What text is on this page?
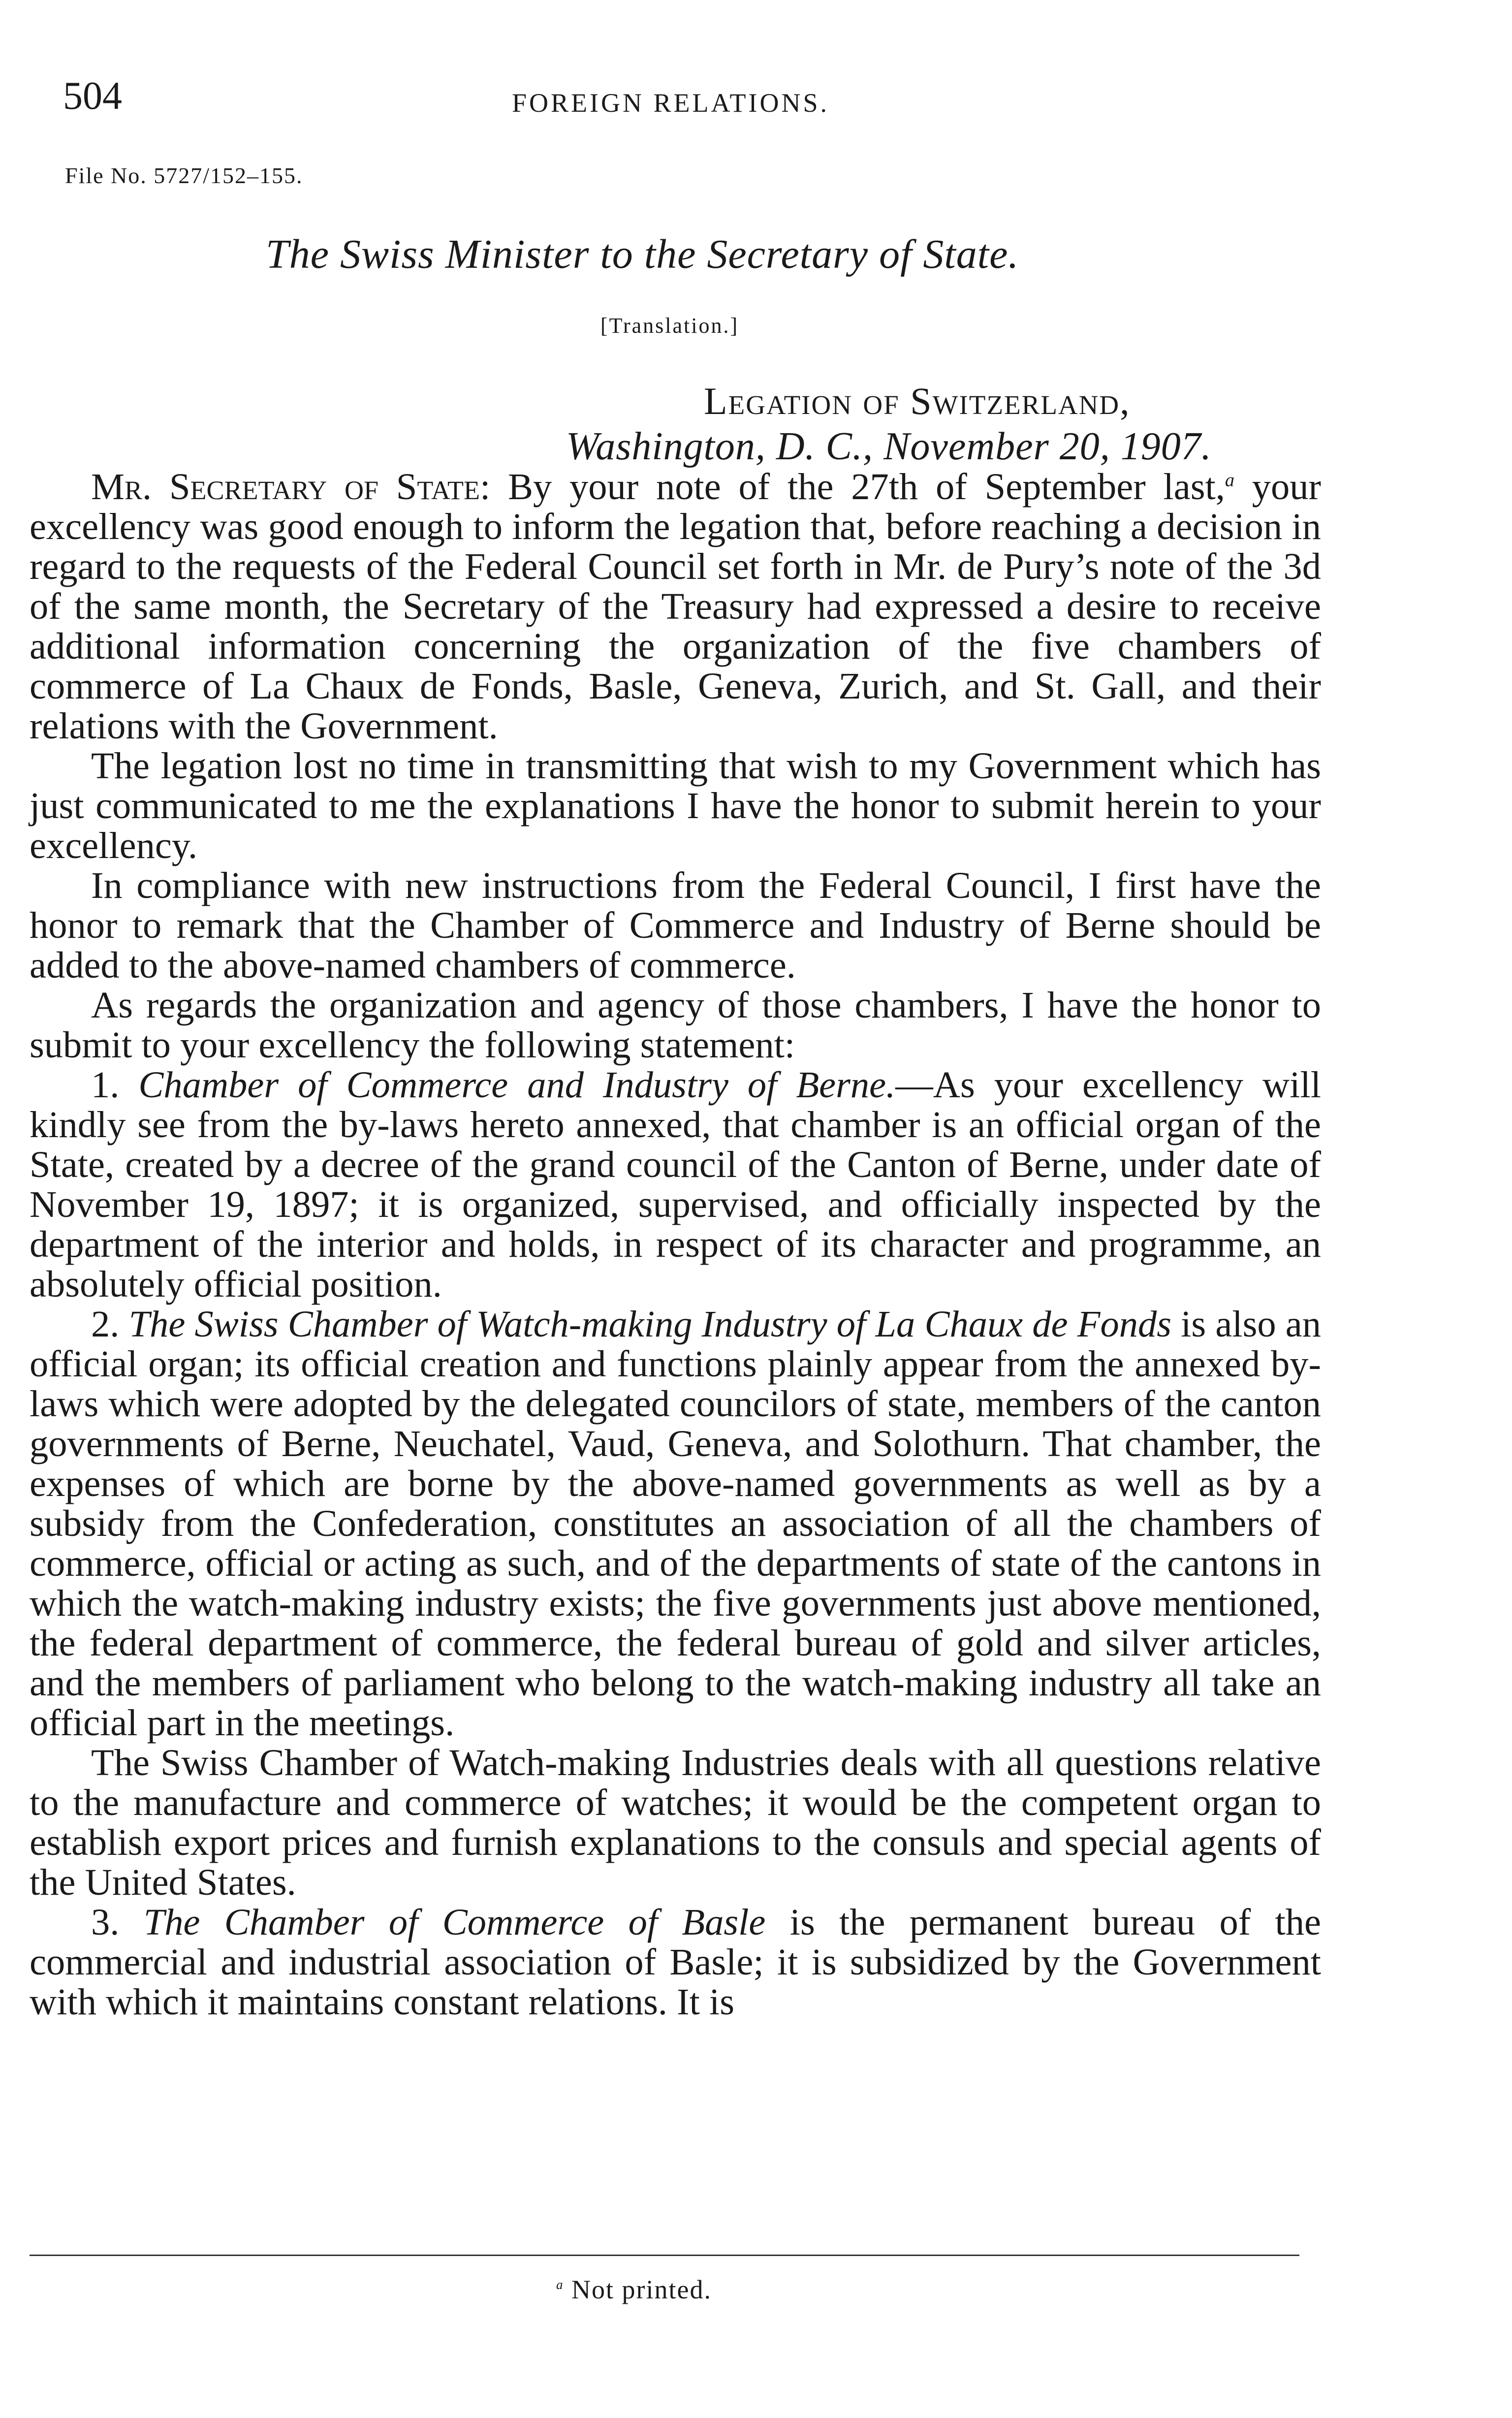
504	FOREIGN RELATIONS.
File No. 5727/152–155.
The Swiss Minister to the Secretary of State.
[Translation.]
Legation of Switzerland,
Washington, D. C., November 20, 1907.

Mr. Secretary of State: By your note of the 27th of September last,$^a$ your excellency was good enough to inform the legation that, before reaching a decision in regard to the requests of the Federal Council set forth in Mr. de Pury’s note of the 3d of the same month, the Secretary of the Treasury had expressed a desire to receive additional information concerning the organization of the five chambers of commerce of La Chaux de Fonds, Basle, Geneva, Zurich, and St. Gall, and their relations with the Government.

The legation lost no time in transmitting that wish to my Government which has just communicated to me the explanations I have the honor to submit herein to your excellency.

In compliance with new instructions from the Federal Council, I first have the honor to remark that the Chamber of Commerce and Industry of Berne should be added to the above-named chambers of commerce.

As regards the organization and agency of those chambers, I have the honor to submit to your excellency the following statement:

1. Chamber of Commerce and Industry of Berne.—As your excellency will kindly see from the by-laws hereto annexed, that chamber is an official organ of the State, created by a decree of the grand council of the Canton of Berne, under date of November 19, 1897; it is organized, supervised, and officially inspected by the department of the interior and holds, in respect of its character and programme, an absolutely official position.

2. The Swiss Chamber of Watch-making Industry of La Chaux de Fonds is also an official organ; its official creation and functions plainly appear from the annexed by-laws which were adopted by the delegated councilors of state, members of the canton governments of Berne, Neuchatel, Vaud, Geneva, and Solothurn. That chamber, the expenses of which are borne by the above-named governments as well as by a subsidy from the Confederation, constitutes an association of all the chambers of commerce, official or acting as such, and of the departments of state of the cantons in which the watch-making industry exists; the five governments just above mentioned, the federal department of commerce, the federal bureau of gold and silver articles, and the members of parliament who belong to the watch-making industry all take an official part in the meetings.

The Swiss Chamber of Watch-making Industries deals with all questions relative to the manufacture and commerce of watches; it would be the competent organ to establish export prices and furnish explanations to the consuls and special agents of the United States.

3. The Chamber of Commerce of Basle is the permanent bureau of the commercial and industrial association of Basle; it is subsidized by the Government with which it maintains constant relations. It is

$^a$ Not printed.
